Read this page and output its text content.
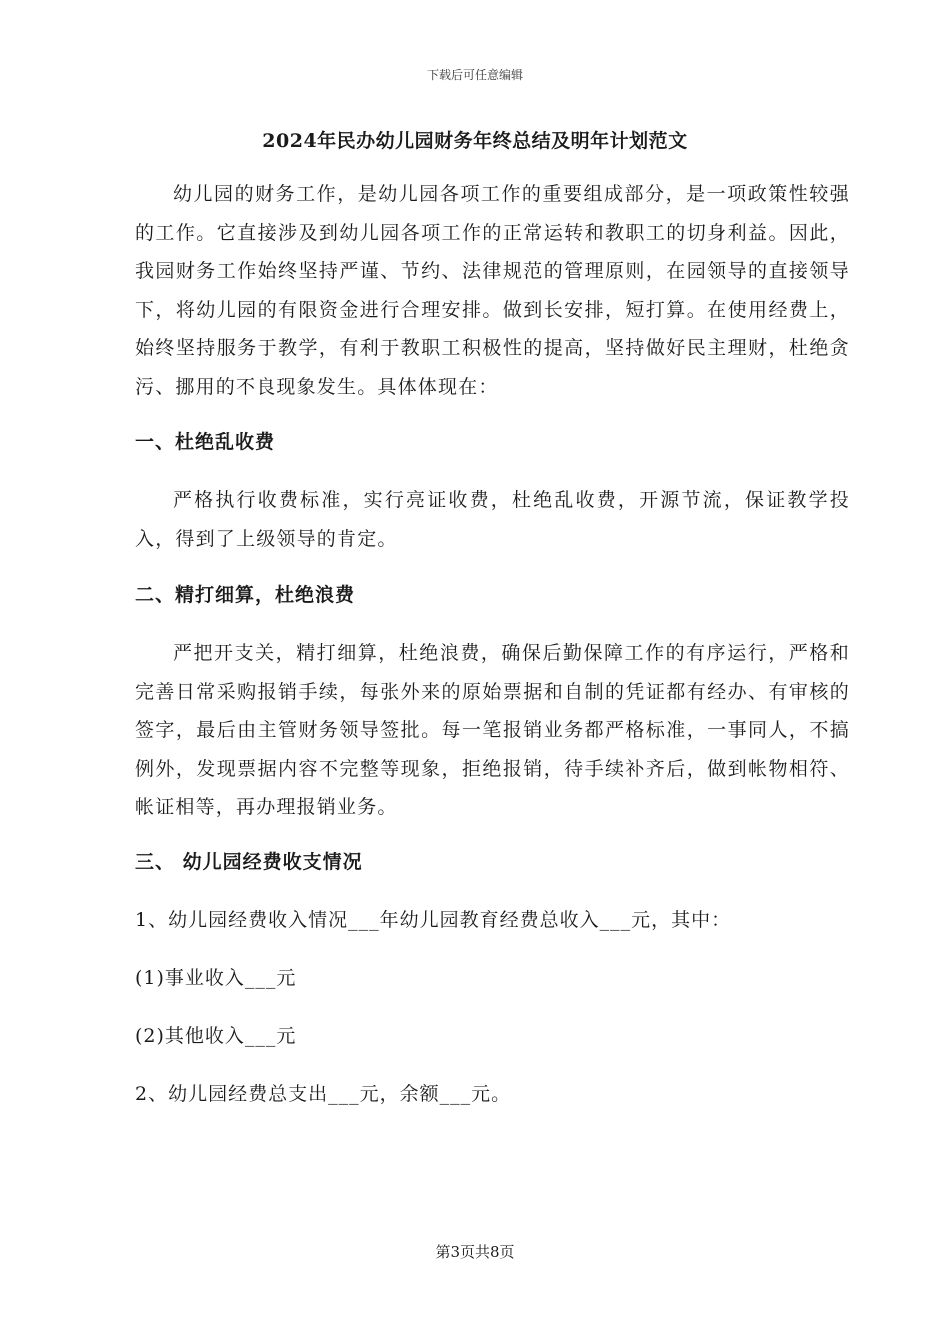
下载后可任意编辑
2024年民办幼儿园财务年终总结及明年计划范文

幼儿园的财务工作，是幼儿园各项工作的重要组成部分，是一项政策性较强的工作。它直接涉及到幼儿园各项工作的正常运转和教职工的切身利益。因此，我园财务工作始终坚持严谨、节约、法律规范的管理原则，在园领导的直接领导下，将幼儿园的有限资金进行合理安排。做到长安排，短打算。在使用经费上，始终坚持服务于教学，有利于教职工积极性的提高，坚持做好民主理财，杜绝贪污、挪用的不良现象发生。具体体现在：

一、杜绝乱收费

严格执行收费标准，实行亮证收费，杜绝乱收费，开源节流，保证教学投入，得到了上级领导的肯定。

二、精打细算，杜绝浪费

严把开支关，精打细算，杜绝浪费，确保后勤保障工作的有序运行，严格和完善日常采购报销手续，每张外来的原始票据和自制的凭证都有经办、有审核的签字，最后由主管财务领导签批。每一笔报销业务都严格标准，一事同人，不搞例外，发现票据内容不完整等现象，拒绝报销，待手续补齐后，做到帐物相符、帐证相等，再办理报销业务。

三、 幼儿园经费收支情况

1、幼儿园经费收入情况___年幼儿园教育经费总收入___元，其中：

(1)事业收入___元

(2)其他收入___元

2、幼儿园经费总支出___元，余额___元。

第3页共8页
